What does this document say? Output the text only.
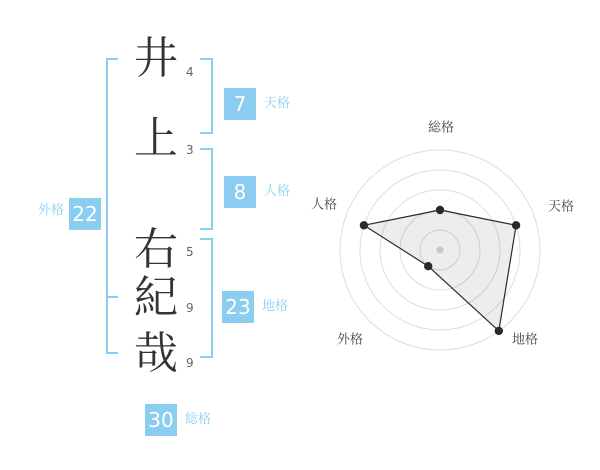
井
上
右
紀
哉
4
3
5
9
9
7	天格
8	人格
23 地格
外格 22
30 総格
総格
天格
地格
外格
人格
